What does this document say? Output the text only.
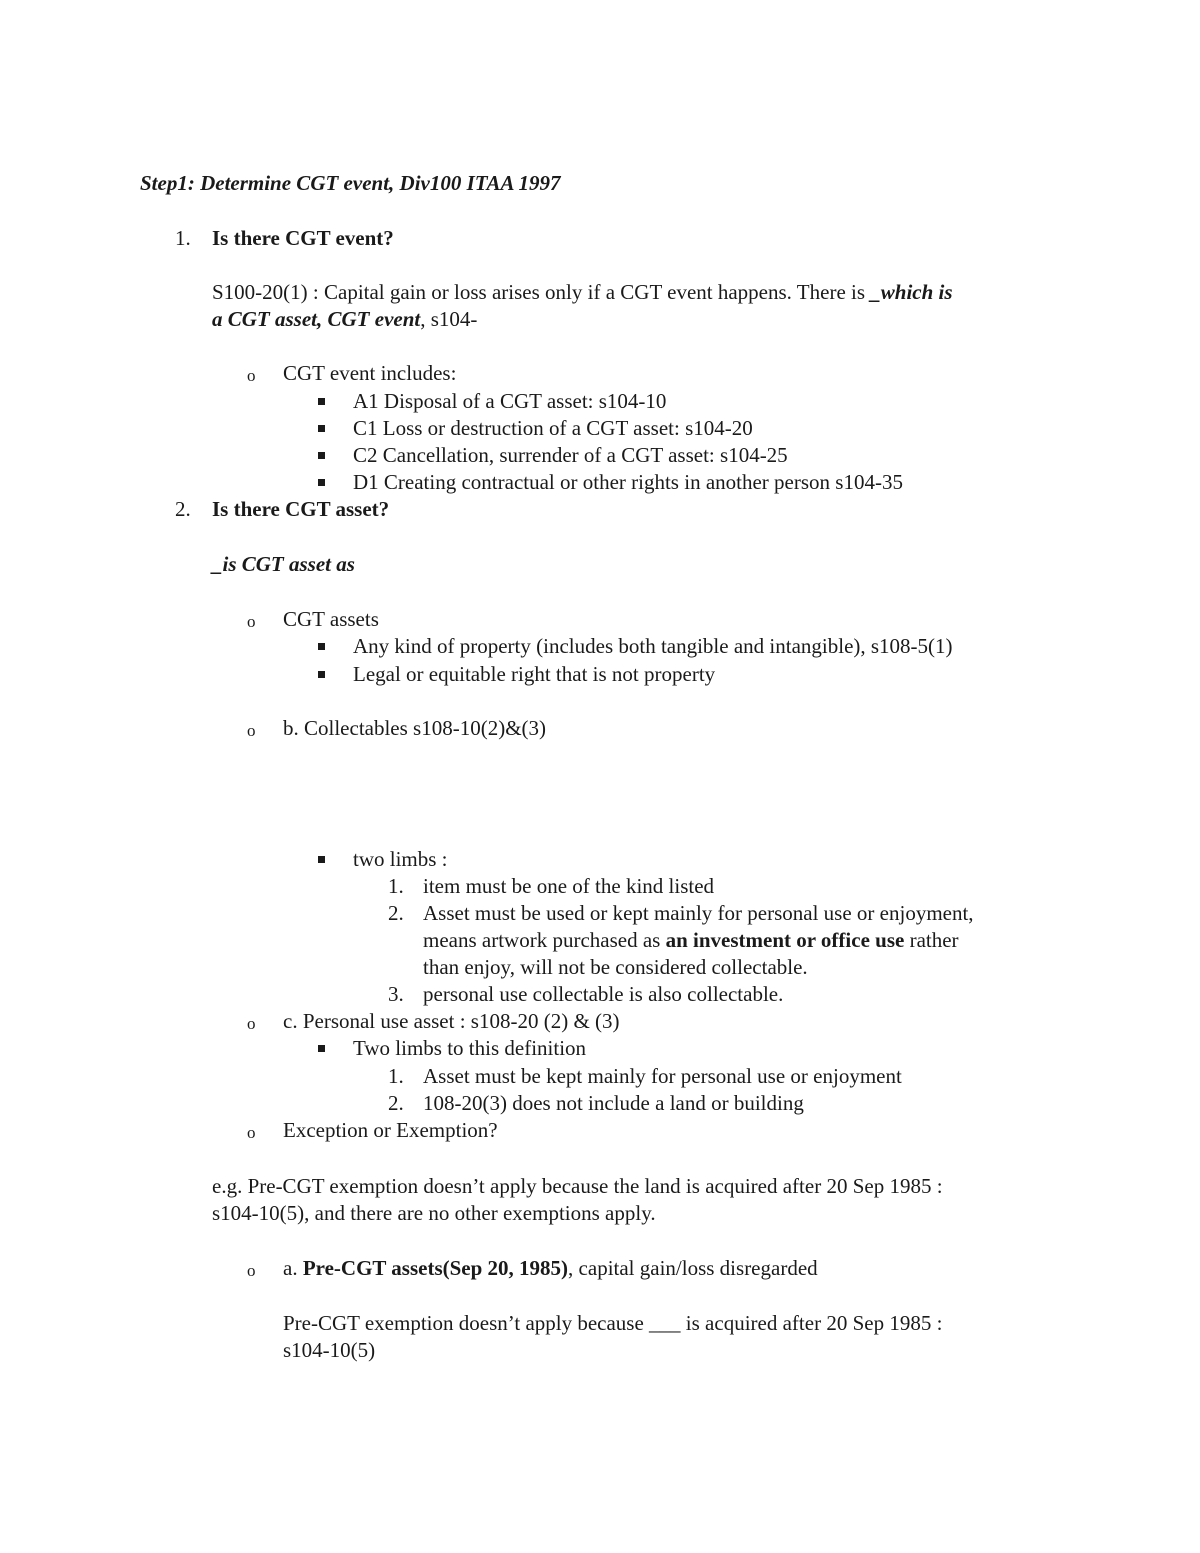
Step1: Determine CGT event, Div100 ITAA 1997
1. Is there CGT event?
S100-20(1) : Capital gain or loss arises only if a CGT event happens. There is _which is
a CGT asset, CGT event, s104-
o CGT event includes:
A1 Disposal of a CGT asset: s104-10
C1 Loss or destruction of a CGT asset: s104-20
C2 Cancellation, surrender of a CGT asset: s104-25
D1 Creating contractual or other rights in another person s104-35
2. Is there CGT asset?
_is CGT asset as
o CGT assets
Any kind of property (includes both tangible and intangible), s108-5(1)
Legal or equitable right that is not property
o b. Collectables s108-10(2)&(3)
two limbs :
1. item must be one of the kind listed
2. Asset must be used or kept mainly for personal use or enjoyment,
means artwork purchased as an investment or office use rather
than enjoy, will not be considered collectable.
3. personal use collectable is also collectable.
o c. Personal use asset : s108-20 (2) & (3)
Two limbs to this definition
1. Asset must be kept mainly for personal use or enjoyment
2. 108-20(3) does not include a land or building
o Exception or Exemption?
e.g. Pre-CGT exemption doesn’t apply because the land is acquired after 20 Sep 1985 :
s104-10(5), and there are no other exemptions apply.
o a. Pre-CGT assets(Sep 20, 1985), capital gain/loss disregarded
Pre-CGT exemption doesn’t apply because ___ is acquired after 20 Sep 1985 :
s104-10(5)
